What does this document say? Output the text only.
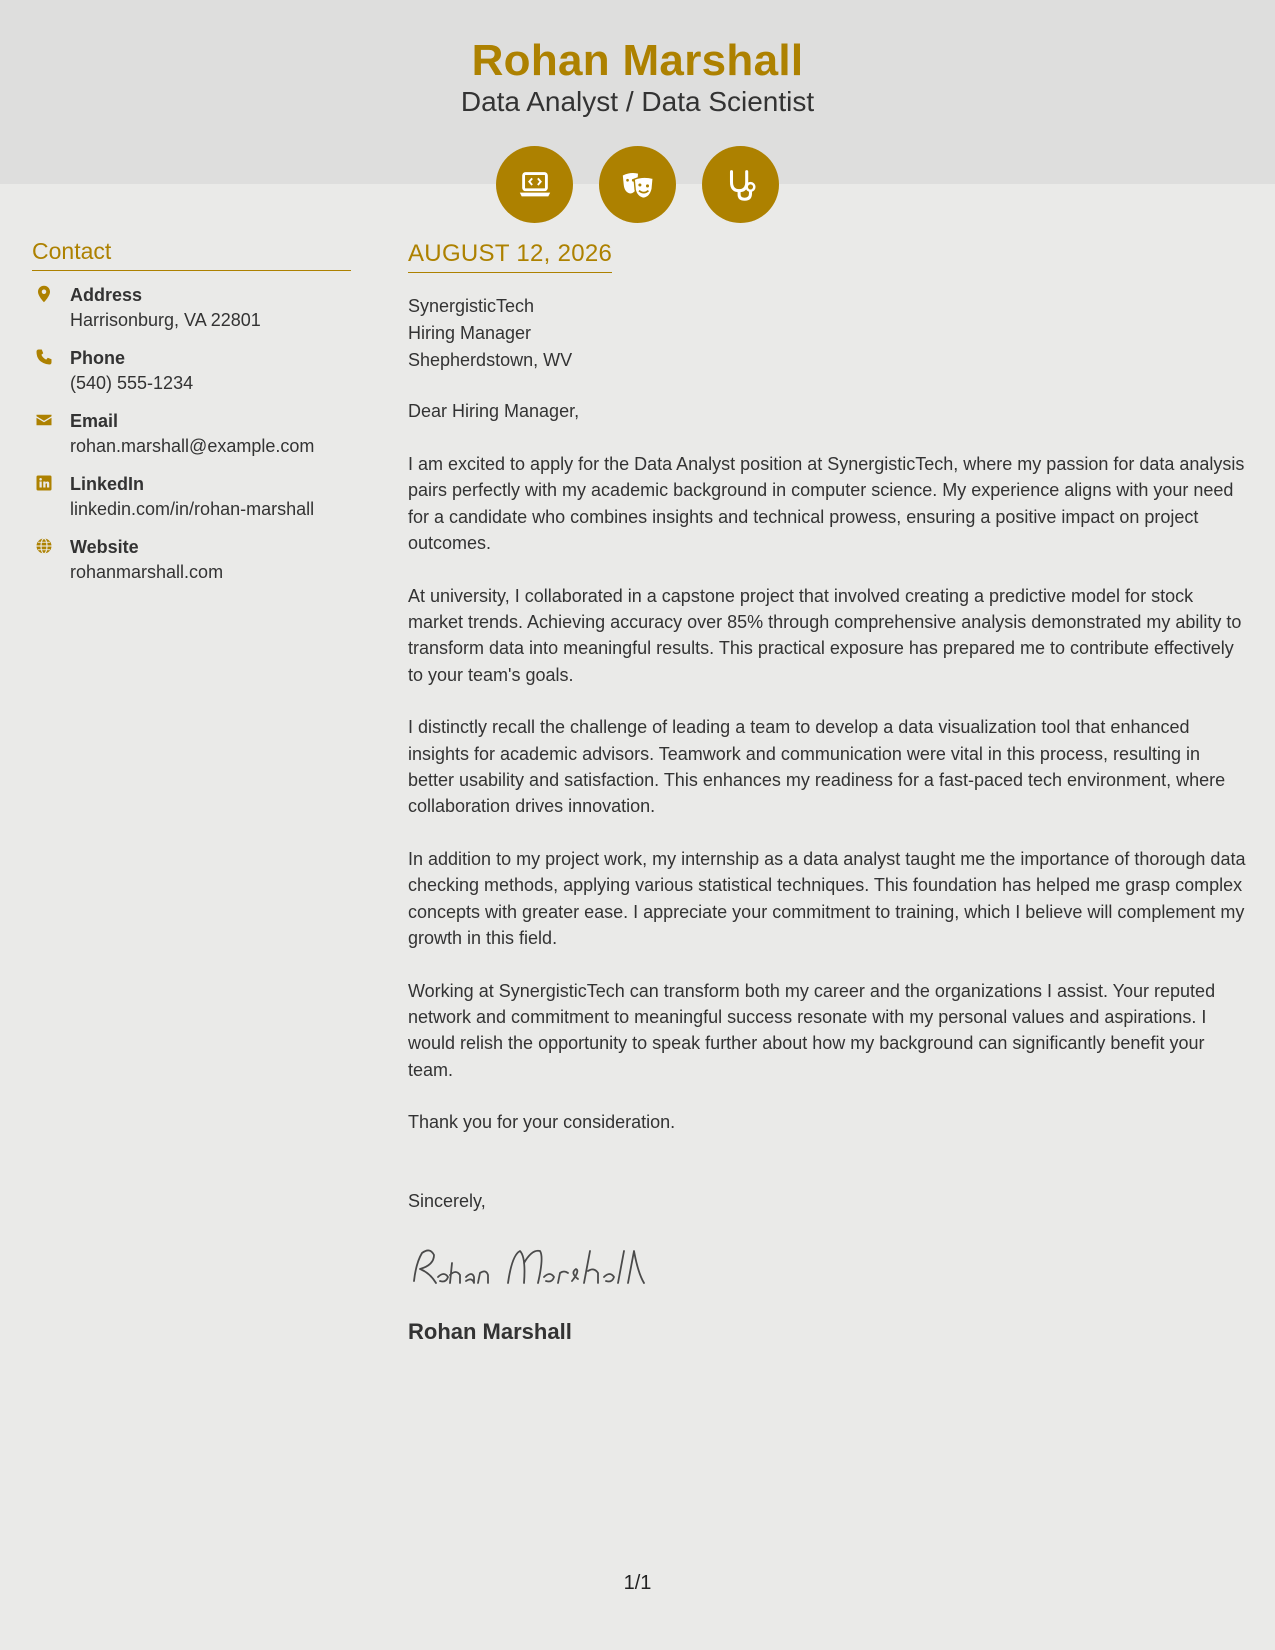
Rohan Marshall
Data Analyst / Data Scientist
Contact
Address
Harrisonburg, VA 22801
Phone
(540) 555-1234
Email
rohan.marshall@example.com
LinkedIn
linkedin.com/in/rohan-marshall
Website
rohanmarshall.com
AUGUST 12, 2026
SynergisticTech
Hiring Manager
Shepherdstown, WV
Dear Hiring Manager,

I am excited to apply for the Data Analyst position at SynergisticTech, where my passion for data analysis pairs perfectly with my academic background in computer science. My experience aligns with your need for a candidate who combines insights and technical prowess, ensuring a positive impact on project outcomes.

At university, I collaborated in a capstone project that involved creating a predictive model for stock market trends. Achieving accuracy over 85% through comprehensive analysis demonstrated my ability to transform data into meaningful results. This practical exposure has prepared me to contribute effectively to your team's goals.

I distinctly recall the challenge of leading a team to develop a data visualization tool that enhanced insights for academic advisors. Teamwork and communication were vital in this process, resulting in better usability and satisfaction. This enhances my readiness for a fast-paced tech environment, where collaboration drives innovation.

In addition to my project work, my internship as a data analyst taught me the importance of thorough data checking methods, applying various statistical techniques. This foundation has helped me grasp complex concepts with greater ease. I appreciate your commitment to training, which I believe will complement my growth in this field.

Working at SynergisticTech can transform both my career and the organizations I assist. Your reputed network and commitment to meaningful success resonate with my personal values and aspirations. I would relish the opportunity to speak further about how my background can significantly benefit your team.

Thank you for your consideration.

Sincerely,
Rohan Marshall
1/1
